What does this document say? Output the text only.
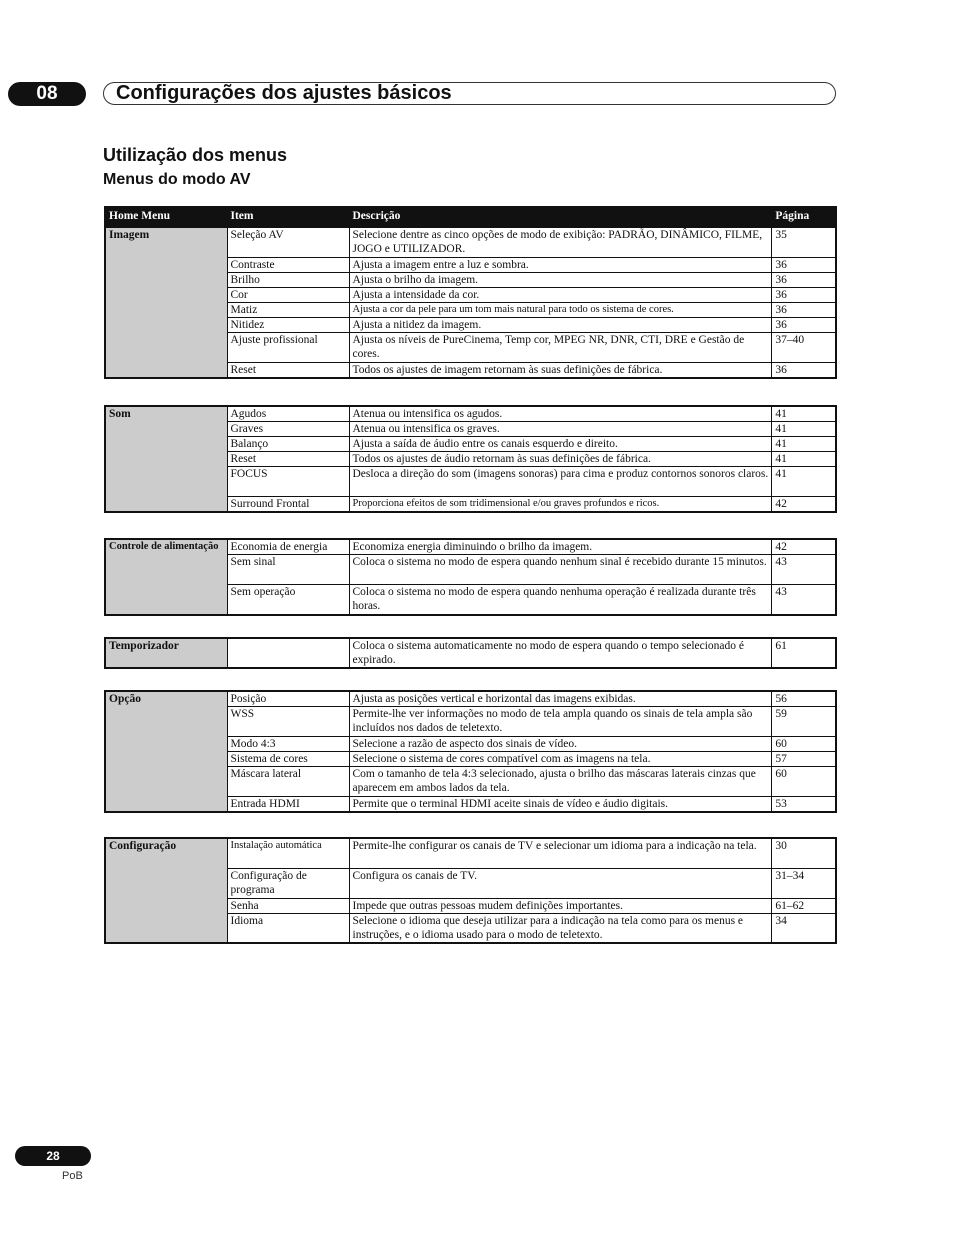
08	Configurações dos ajustes básicos
Utilização dos menus
Menus do modo AV
Home Menu	Item	Descrição	Página
Imagem	Seleção AV	Selecione dentre as cinco opções de modo de exibição: PADRÃO, DINÂMICO, FILME, JOGO e UTILIZADOR.	35
	Contraste	Ajusta a imagem entre a luz e sombra.	36
	Brilho	Ajusta o brilho da imagem.	36
	Cor	Ajusta a intensidade da cor.	36
	Matiz	Ajusta a cor da pele para um tom mais natural para todo os sistema de cores.	36
	Nitidez	Ajusta a nitidez da imagem.	36
	Ajuste profissional	Ajusta os níveis de PureCinema, Temp cor, MPEG NR, DNR, CTI, DRE e Gestão de cores.	37–40
	Reset	Todos os ajustes de imagem retornam às suas definições de fábrica.	36
Som	Agudos	Atenua ou intensifica os agudos.	41
	Graves	Atenua ou intensifica os graves.	41
	Balanço	Ajusta a saída de áudio entre os canais esquerdo e direito.	41
	Reset	Todos os ajustes de áudio retornam às suas definições de fábrica.	41
	FOCUS	Desloca a direção do som (imagens sonoras) para cima e produz contornos sonoros claros.	41
	Surround Frontal	Proporciona efeitos de som tridimensional e/ou graves profundos e ricos.	42
Controle de alimentação	Economia de energia	Economiza energia diminuindo o brilho da imagem.	42
	Sem sinal	Coloca o sistema no modo de espera quando nenhum sinal é recebido durante 15 minutos.	43
	Sem operação	Coloca o sistema no modo de espera quando nenhuma operação é realizada durante três horas.	43
Temporizador		Coloca o sistema automaticamente no modo de espera quando o tempo selecionado é expirado.	61
Opção	Posição	Ajusta as posições vertical e horizontal das imagens exibidas.	56
	WSS	Permite-lhe ver informações no modo de tela ampla quando os sinais de tela ampla são incluídos nos dados de teletexto.	59
	Modo 4:3	Selecione a razão de aspecto dos sinais de vídeo.	60
	Sistema de cores	Selecione o sistema de cores compatível com as imagens na tela.	57
	Máscara lateral	Com o tamanho de tela 4:3 selecionado, ajusta o brilho das máscaras laterais cinzas que aparecem em ambos lados da tela.	60
	Entrada HDMI	Permite que o terminal HDMI aceite sinais de vídeo e áudio digitais.	53
Configuração	Instalação automática	Permite-lhe configurar os canais de TV e selecionar um idioma para a indicação na tela.	30
	Configuração de programa	Configura os canais de TV.	31–34
	Senha	Impede que outras pessoas mudem definições importantes.	61–62
	Idioma	Selecione o idioma que deseja utilizar para a indicação na tela como para os menus e instruções, e o idioma usado para o modo de teletexto.	34
28
PoB
